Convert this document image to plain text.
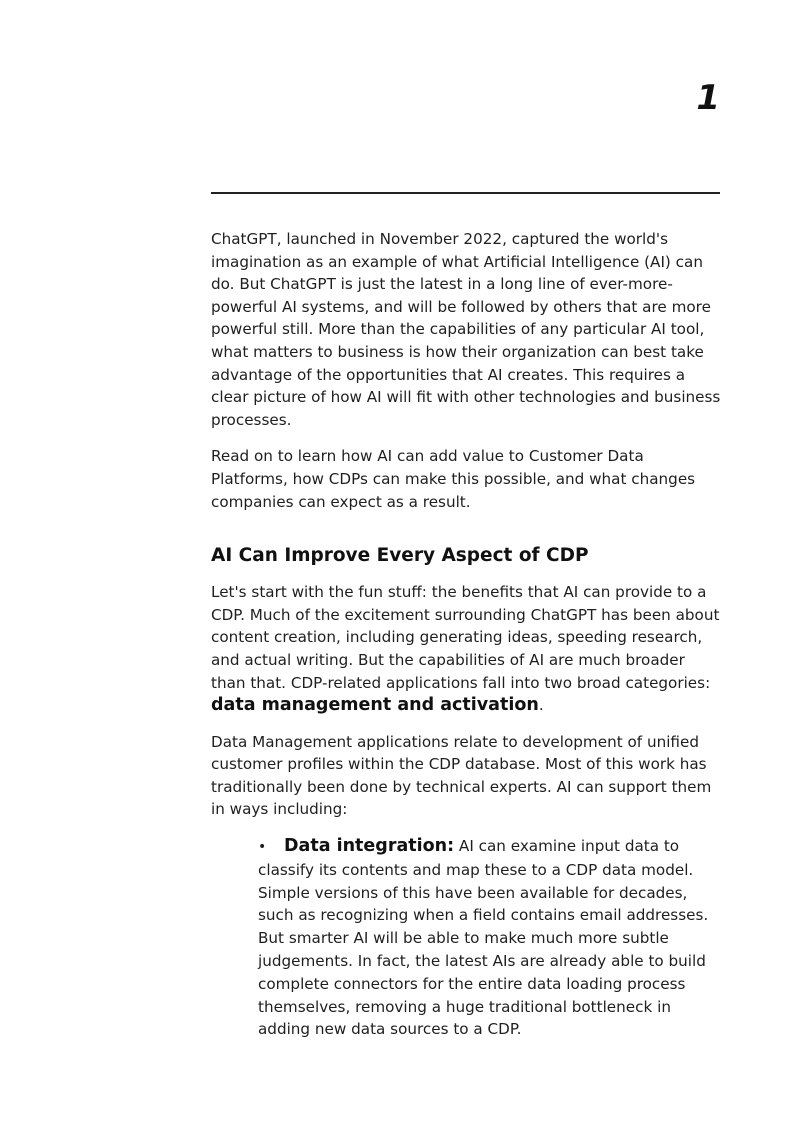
1

ChatGPT, launched in November 2022, captured the world's imagination as an example of what Artificial Intelligence (AI) can do. But ChatGPT is just the latest in a long line of ever-more-powerful AI systems, and will be followed by others that are more powerful still. More than the capabilities of any particular AI tool, what matters to business is how their organization can best take advantage of the opportunities that AI creates. This requires a clear picture of how AI will fit with other technologies and business processes.

Read on to learn how AI can add value to Customer Data Platforms, how CDPs can make this possible, and what changes companies can expect as a result.

AI Can Improve Every Aspect of CDP

Let's start with the fun stuff: the benefits that AI can provide to a CDP. Much of the excitement surrounding ChatGPT has been about content creation, including generating ideas, speeding research, and actual writing. But the capabilities of AI are much broader than that. CDP-related applications fall into two broad categories: data management and activation.

Data Management applications relate to development of unified customer profiles within the CDP database. Most of this work has traditionally been done by technical experts. AI can support them in ways including:

• Data integration: AI can examine input data to classify its contents and map these to a CDP data model. Simple versions of this have been available for decades, such as recognizing when a field contains email addresses. But smarter AI will be able to make much more subtle judgements. In fact, the latest AIs are already able to build complete connectors for the entire data loading process themselves, removing a huge traditional bottleneck in adding new data sources to a CDP.
